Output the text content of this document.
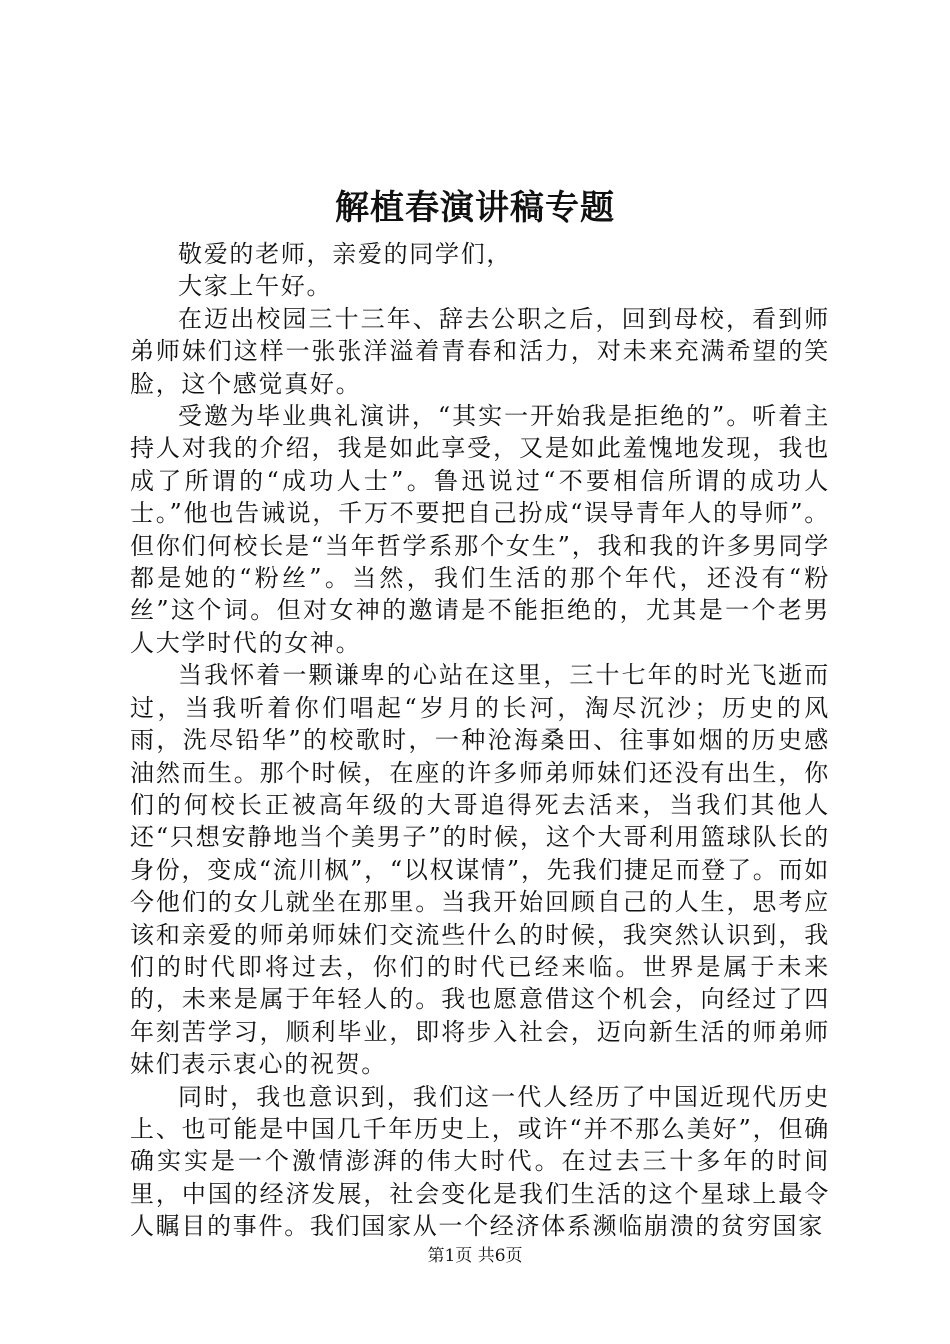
解植春演讲稿专题

敬爱的老师，亲爱的同学们，

大家上午好。

在迈出校园三十三年、辞去公职之后，回到母校，看到师弟师妹们这样一张张洋溢着青春和活力，对未来充满希望的笑脸，这个感觉真好。

受邀为毕业典礼演讲，“其实一开始我是拒绝的”。听着主持人对我的介绍，我是如此享受，又是如此羞愧地发现，我也成了所谓的“成功人士”。鲁迅说过“不要相信所谓的成功人士。”他也告诫说，千万不要把自己扮成“误导青年人的导师”。但你们何校长是“当年哲学系那个女生”，我和我的许多男同学都是她的“粉丝”。当然，我们生活的那个年代，还没有“粉丝”这个词。但对女神的邀请是不能拒绝的，尤其是一个老男人大学时代的女神。

当我怀着一颗谦卑的心站在这里，三十七年的时光飞逝而过，当我听着你们唱起“岁月的长河，淘尽沉沙；历史的风雨，洗尽铅华”的校歌时，一种沧海桑田、往事如烟的历史感油然而生。那个时候，在座的许多师弟师妹们还没有出生，你们的何校长正被高年级的大哥追得死去活来，当我们其他人还“只想安静地当个美男子”的时候，这个大哥利用篮球队长的身份，变成“流川枫”，“以权谋情”，先我们捷足而登了。而如今他们的女儿就坐在那里。当我开始回顾自己的人生，思考应该和亲爱的师弟师妹们交流些什么的时候，我突然认识到，我们的时代即将过去，你们的时代已经来临。世界是属于未来的，未来是属于年轻人的。我也愿意借这个机会，向经过了四年刻苦学习，顺利毕业，即将步入社会，迈向新生活的师弟师妹们表示衷心的祝贺。

同时，我也意识到，我们这一代人经历了中国近现代历史上、也可能是中国几千年历史上，或许“并不那么美好”，但确确实实是一个激情澎湃的伟大时代。在过去三十多年的时间里，中国的经济发展，社会变化是我们生活的这个星球上最令人瞩目的事件。我们国家从一个经济体系濒临崩溃的贫穷国家

第1页 共6页
